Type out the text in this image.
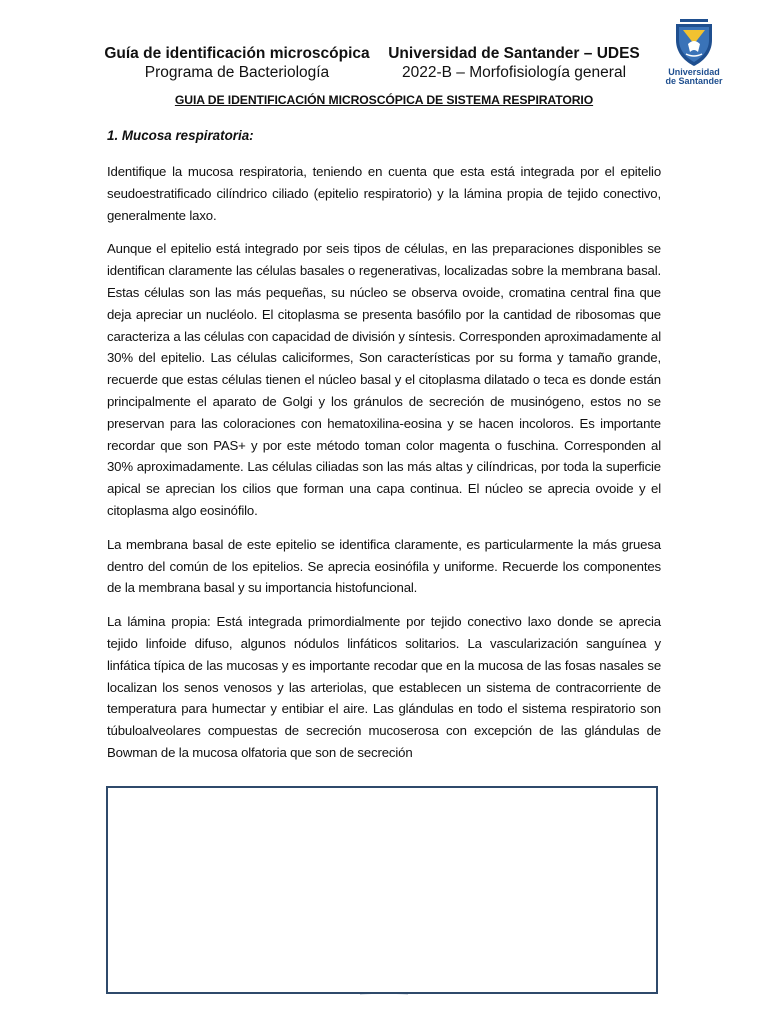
Guía de identificación microscópica
Programa de Bacteriología
Universidad de Santander – UDES
2022-B – Morfofisiología general	Universidad
de Santander
GUIA DE IDENTIFICACIÓN MICROSCÓPICA DE SISTEMA RESPIRATORIO
1. Mucosa respiratoria:

Identifique la mucosa respiratoria, teniendo en cuenta que esta está integrada por el epitelio seudoestratificado cilíndrico ciliado (epitelio respiratorio) y la lámina propia de tejido conectivo, generalmente laxo.

Aunque el epitelio está integrado por seis tipos de células, en las preparaciones disponibles se identifican claramente las células basales o regenerativas, localizadas sobre la membrana basal. Estas células son las más pequeñas, su núcleo se observa ovoide, cromatina central fina que deja apreciar un nucléolo. El citoplasma se presenta basófilo por la cantidad de ribosomas que caracteriza a las células con capacidad de división y síntesis. Corresponden aproximadamente al 30% del epitelio. Las células caliciformes, Son características por su forma y tamaño grande, recuerde que estas células tienen el núcleo basal y el citoplasma dilatado o teca es donde están principalmente el aparato de Golgi y los gránulos de secreción de musinógeno, estos no se preservan para las coloraciones con hematoxilina-eosina y se hacen incoloros. Es importante recordar que son PAS+ y por este método toman color magenta o fuschina. Corresponden al 30% aproximadamente. Las células ciliadas son las más altas y cilíndricas, por toda la superficie apical se aprecian los cilios que forman una capa continua. El núcleo se aprecia ovoide y el citoplasma algo eosinófilo.

La membrana basal de este epitelio se identifica claramente, es particularmente la más gruesa dentro del común de los epitelios. Se aprecia eosinófila y uniforme. Recuerde los componentes de la membrana basal y su importancia histofuncional.

La lámina propia: Está integrada primordialmente por tejido conectivo laxo donde se aprecia tejido linfoide difuso, algunos nódulos linfáticos solitarios. La vascularización sanguínea y linfática típica de las mucosas y es importante recodar que en la mucosa de las fosas nasales se localizan los senos venosos y las arteriolas, que establecen un sistema de contracorriente de temperatura para humectar y entibiar el aire. Las glándulas en todo el sistema respiratorio son túbuloalveolares compuestas de secreción mucoserosa con excepción de las glándulas de Bowman de la mucosa olfatoria que son de secreción
